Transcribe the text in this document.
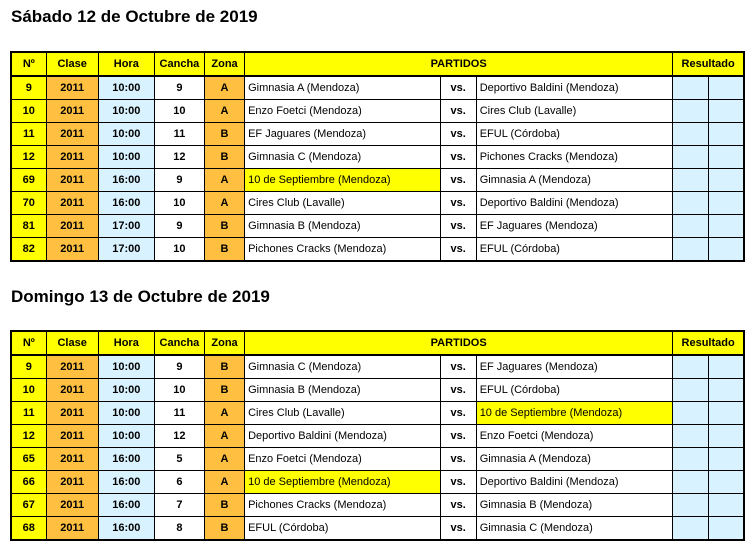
Sábado 12 de Octubre de 2019
Nº	Clase	Hora	Cancha	Zona	PARTIDOS			Resultado	
9	2011	10:00	9	A	Gimnasia A (Mendoza)	vs.	Deportivo Baldini (Mendoza)		
10	2011	10:00	10	A	Enzo Foetci (Mendoza)	vs.	Cires Club (Lavalle)		
11	2011	10:00	11	B	EF Jaguares (Mendoza)	vs.	EFUL (Córdoba)		
12	2011	10:00	12	B	Gimnasia C (Mendoza)	vs.	Pichones Cracks (Mendoza)		
69	2011	16:00	9	A	10 de Septiembre (Mendoza)	vs.	Gimnasia A (Mendoza)		
70	2011	16:00	10	A	Cires Club (Lavalle)	vs.	Deportivo Baldini (Mendoza)		
81	2011	17:00	9	B	Gimnasia B (Mendoza)	vs.	EF Jaguares (Mendoza)		
82	2011	17:00	10	B	Pichones Cracks (Mendoza)	vs.	EFUL (Córdoba)		
Domingo 13 de Octubre de 2019
Nº	Clase	Hora	Cancha	Zona	PARTIDOS			Resultado	
9	2011	10:00	9	B	Gimnasia C (Mendoza)	vs.	EF Jaguares (Mendoza)		
10	2011	10:00	10	B	Gimnasia B (Mendoza)	vs.	EFUL (Córdoba)		
11	2011	10:00	11	A	Cires Club (Lavalle)	vs.	10 de Septiembre (Mendoza)		
12	2011	10:00	12	A	Deportivo Baldini (Mendoza)	vs.	Enzo Foetci (Mendoza)		
65	2011	16:00	5	A	Enzo Foetci (Mendoza)	vs.	Gimnasia A (Mendoza)		
66	2011	16:00	6	A	10 de Septiembre (Mendoza)	vs.	Deportivo Baldini (Mendoza)		
67	2011	16:00	7	B	Pichones Cracks (Mendoza)	vs.	Gimnasia B (Mendoza)		
68	2011	16:00	8	B	EFUL (Córdoba)	vs.	Gimnasia C (Mendoza)		
